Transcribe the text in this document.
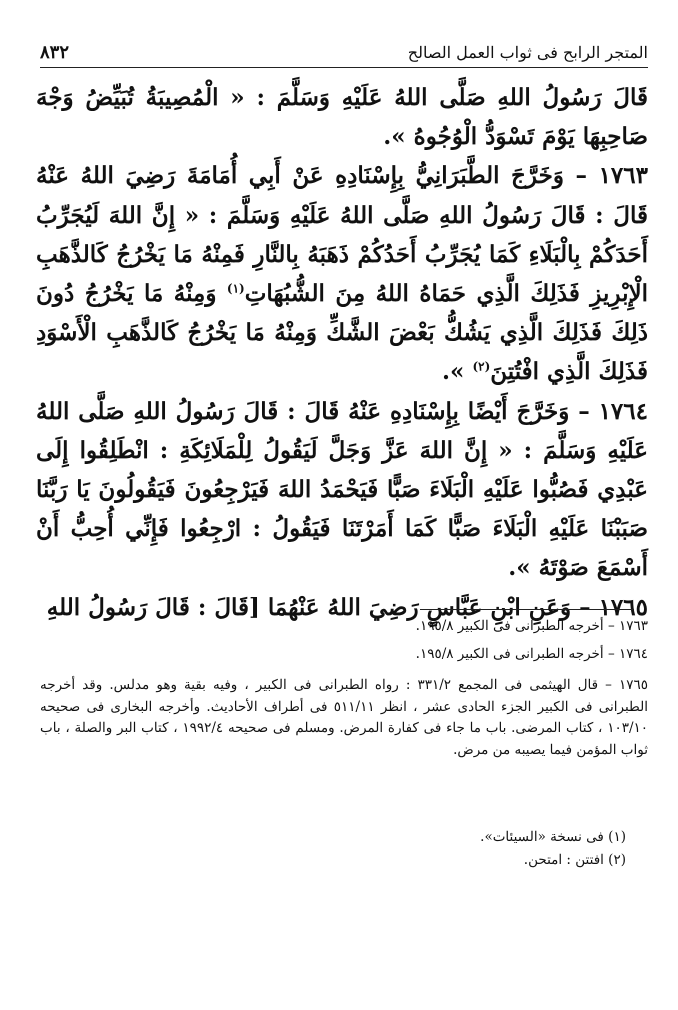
المتجر الرابح فى ثواب العمل الصالح
٨٣٢

قَالَ رَسُولُ اللهِ صَلَّى اللهُ عَلَيْهِ وَسَلَّمَ : « الْمُصِيبَةُ تُبَيِّضُ وَجْهَ صَاحِبِهَا يَوْمَ تَسْوَدُّ الْوُجُوهُ ».

١٧٦٣ – وَخَرَّجَ الطَّبَرَانِيُّ بِإِسْنَادِهِ عَنْ أَبِي أُمَامَةَ رَضِيَ اللهُ عَنْهُ قَالَ : قَالَ رَسُولُ اللهِ صَلَّى اللهُ عَلَيْهِ وَسَلَّمَ : « إِنَّ اللهَ لَيُجَرِّبُ أَحَدَكُمْ بِالْبَلَاءِ كَمَا يُجَرِّبُ أَحَدُكُمْ ذَهَبَهُ بِالنَّارِ فَمِنْهُ مَا يَخْرُجُ كَالذَّهَبِ الْإِبْرِيزِ فَذَلِكَ الَّذِي حَمَاهُ اللهُ مِنَ الشُّبُهَاتِ$^{(١)}$ وَمِنْهُ مَا يَخْرُجُ دُونَ ذَلِكَ فَذَلِكَ الَّذِي يَشُكُّ بَعْضَ الشَّكِّ وَمِنْهُ مَا يَخْرُجُ كَالذَّهَبِ الْأَسْوَدِ فَذَلِكَ الَّذِي افْتُتِنَ$^{(٢)}$ ».

١٧٦٤ – وَخَرَّجَ أَيْضًا بِإِسْنَادِهِ عَنْهُ قَالَ : قَالَ رَسُولُ اللهِ صَلَّى اللهُ عَلَيْهِ وَسَلَّمَ : « إِنَّ اللهَ عَزَّ وَجَلَّ لَيَقُولُ لِلْمَلَائِكَةِ : انْطَلِقُوا إِلَى عَبْدِي فَصُبُّوا عَلَيْهِ الْبَلَاءَ صَبًّا فَيَحْمَدُ اللهَ فَيَرْجِعُونَ فَيَقُولُونَ يَا رَبَّنَا صَبَبْنَا عَلَيْهِ الْبَلَاءَ صَبًّا كَمَا أَمَرْتَنَا فَيَقُولُ : ارْجِعُوا فَإِنِّي أُحِبُّ أَنْ أَسْمَعَ صَوْتَهُ ».

١٧٦٥ – وَعَنِ ابْنِ عَبَّاسٍ رَضِيَ اللهُ عَنْهُمَا [قَالَ : قَالَ رَسُولُ اللهِ

١٧٦٣ – أخرجه الطبرانى فى الكبير ١٩٥/٨.

١٧٦٤ – أخرجه الطبرانى فى الكبير ١٩٥/٨.

١٧٦٥ – قال الهيثمى فى المجمع ٣٣١/٢ : رواه الطبرانى فى الكبير ، وفيه بقية وهو مدلس. وقد أخرجه الطبرانى فى الكبير الجزء الحادى عشر ، انظر ٥١١/١١ فى أطراف الأحاديث. وأخرجه البخارى فى صحيحه ١٠٣/١٠ ، كتاب المرضى. باب ما جاء فى كفارة المرض. ومسلم فى صحيحه ١٩٩٢/٤ ، كتاب البر والصلة ، باب ثواب المؤمن فيما يصيبه من مرض.

(١) فى نسخة «السيئات».

(٢) افتتن : امتحن.
